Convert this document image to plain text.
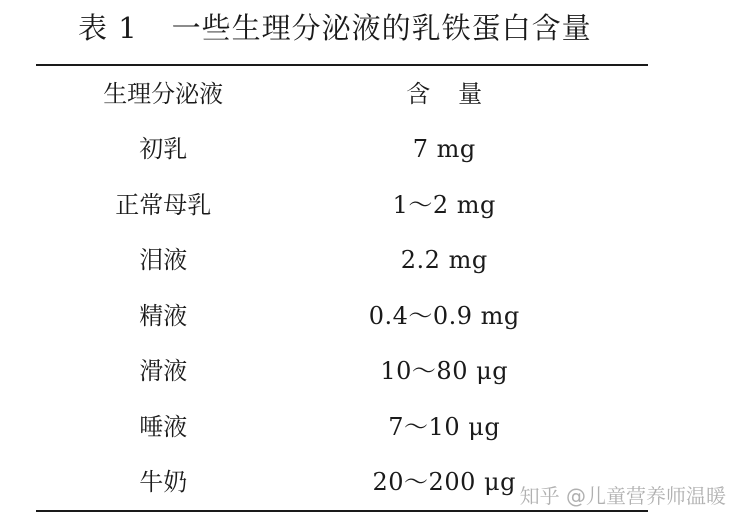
表 1 一些生理分泌液的乳铁蛋白含量
生理分泌液	含量
初乳	7 mg
正常母乳	1～2 mg
泪液	2.2 mg
精液	0.4～0.9 mg
滑液	10～80 μg
唾液	7～10 μg
牛奶	20～200 μg 知乎 @儿童营养师温暖
